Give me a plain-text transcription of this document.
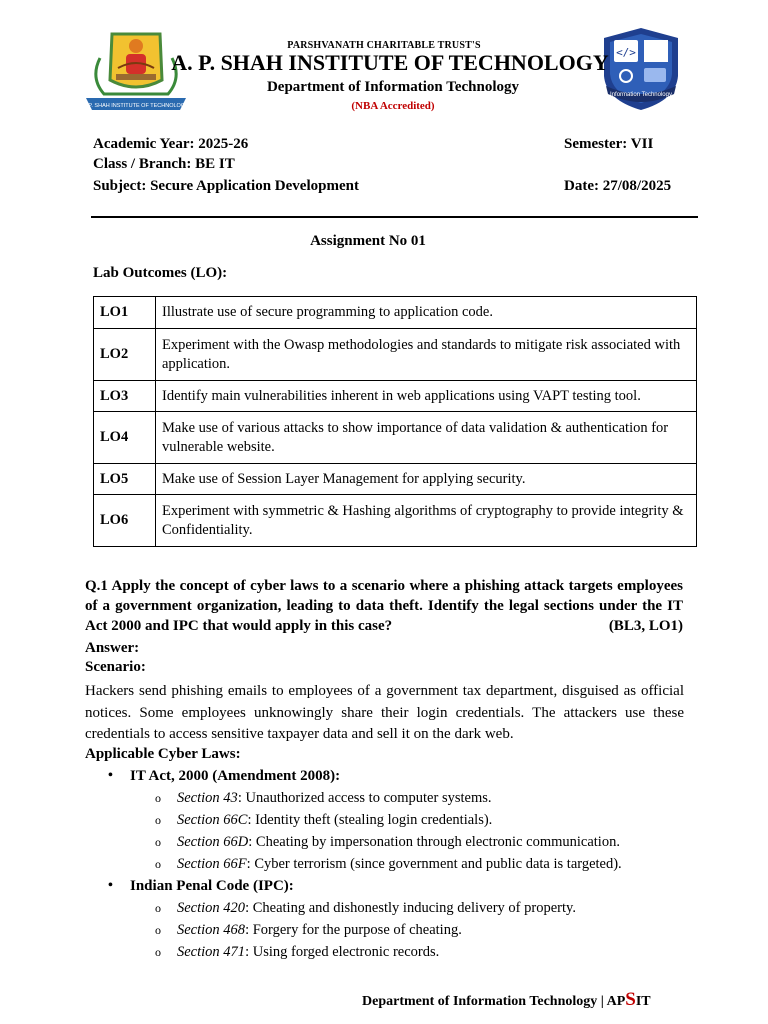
A.P. SHAH INSTITUTE OF TECHNOLOGY
</>
Information Technology
PARSHVANATH CHARITABLE TRUST'S
A. P. SHAH INSTITUTE OF TECHNOLOGY
Department of Information Technology
(NBA Accredited)
Academic Year: 2025-26
Class / Branch: BE IT
Subject: Secure Application Development
Semester: VII
Date: 27/08/2025
Assignment No 01
Lab Outcomes (LO):
LO1	Illustrate use of secure programming to application code.
LO2	Experiment with the Owasp methodologies and standards to mitigate risk associated with application.
LO3	Identify main vulnerabilities inherent in web applications using VAPT testing tool.
LO4	Make use of various attacks to show importance of data validation & authentication for vulnerable website.
LO5	Make use of Session Layer Management for applying security.
LO6	Experiment with symmetric & Hashing algorithms of cryptography to provide integrity & Confidentiality.
Q.1 Apply the concept of cyber laws to a scenario where a phishing attack targets employees of a government organization, leading to data theft. Identify the legal sections under the IT Act 2000 and IPC that would apply in this case?	(BL3, LO1)
Answer:
Scenario:
Hackers send phishing emails to employees of a government tax department, disguised as official notices. Some employees unknowingly share their login credentials. The attackers use these credentials to access sensitive taxpayer data and sell it on the dark web.
Applicable Cyber Laws:
• IT Act, 2000 (Amendment 2008):
o Section 43: Unauthorized access to computer systems.
o Section 66C: Identity theft (stealing login credentials).
o Section 66D: Cheating by impersonation through electronic communication.
o Section 66F: Cyber terrorism (since government and public data is targeted).
• Indian Penal Code (IPC):
o Section 420: Cheating and dishonestly inducing delivery of property.
o Section 468: Forgery for the purpose of cheating.
o Section 471: Using forged electronic records.
Department of Information Technology | APSIT
